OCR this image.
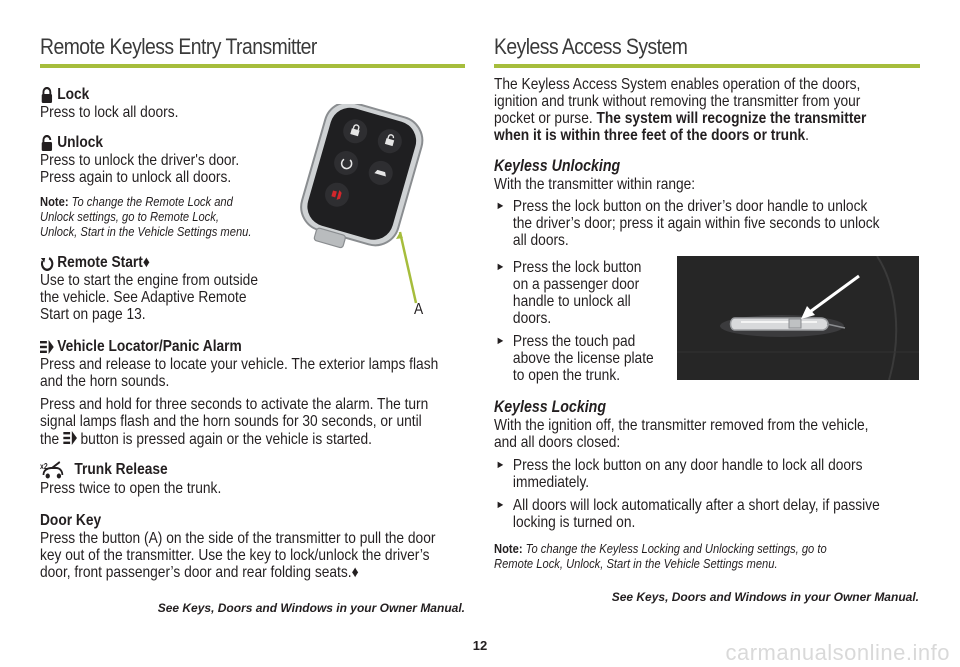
Remote Keyless Entry Transmitter
Lock

Press to lock all doors.

Unlock

Press to unlock the driver's door.

Press again to unlock all doors.

Note: To change the Remote Lock and
Unlock settings, go to Remote Lock,
Unlock, Start in the Vehicle Settings menu.
Remote Start♦

Use to start the engine from outside

the vehicle. See Adaptive Remote

Start on page 13.	A
Vehicle Locator/Panic Alarm

Press and release to locate your vehicle. The exterior lamps flash

and the horn sounds.

Press and hold for three seconds to activate the alarm. The turn

signal lamps flash and the horn sounds for 30 seconds, or until

the  button is pressed again or the vehicle is started.

x2	Trunk Release

Press twice to open the trunk.

Door Key

Press the button (A) on the side of the transmitter to pull the door

key out of the transmitter. Use the key to lock/unlock the driver’s

door, front passenger’s door and rear folding seats.♦

See Keys, Doors and Windows in your Owner Manual.
Keyless Access System

The Keyless Access System enables operation of the doors,

ignition and trunk without removing the transmitter from your

pocket or purse. The system will recognize the transmitter

when it is within three feet of the doors or trunk.

Keyless Unlocking

With the transmitter within range:

► Press the lock button on the driver’s door handle to unlock
the driver’s door; press it again within five seconds to unlock
all doors.
► Press the lock button
on a passenger door
handle to unlock all
doors.
► Press the touch pad
above the license plate
to open the trunk.
Keyless Locking

With the ignition off, the transmitter removed from the vehicle,

and all doors closed:

► Press the lock button on any door handle to lock all doors
immediately.
► All doors will lock automatically after a short delay, if passive
locking is turned on.
Note: To change the Keyless Locking and Unlocking settings, go to
Remote Lock, Unlock, Start in the Vehicle Settings menu.
See Keys, Doors and Windows in your Owner Manual.
12	carmanualsonline.info
